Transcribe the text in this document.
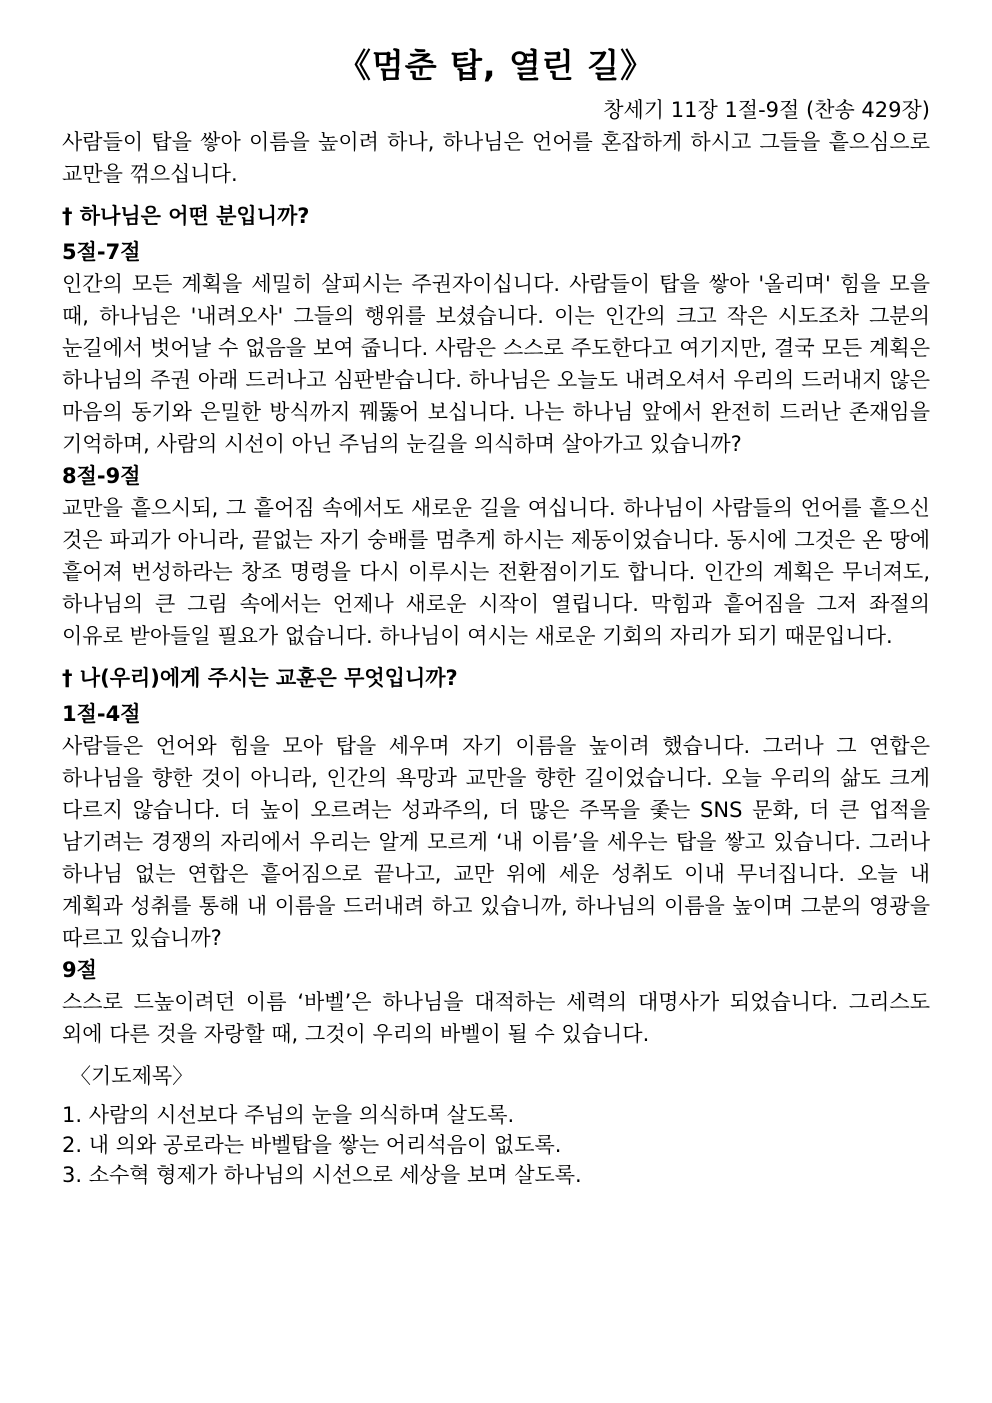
《멈춘 탑, 열린 길》

창세기 11장 1절-9절 (찬송 429장)

사람들이 탑을 쌓아 이름을 높이려 하나, 하나님은 언어를 혼잡하게 하시고 그들을 흩으심으로 교만을 꺾으십니다.

† 하나님은 어떤 분입니까?
5절-7절

인간의 모든 계획을 세밀히 살피시는 주권자이십니다. 사람들이 탑을 쌓아 '올리며' 힘을 모을 때, 하나님은 '내려오사' 그들의 행위를 보셨습니다. 이는 인간의 크고 작은 시도조차 그분의 눈길에서 벗어날 수 없음을 보여 줍니다. 사람은 스스로 주도한다고 여기지만, 결국 모든 계획은 하나님의 주권 아래 드러나고 심판받습니다. 하나님은 오늘도 내려오셔서 우리의 드러내지 않은 마음의 동기와 은밀한 방식까지 꿰뚫어 보십니다. 나는 하나님 앞에서 완전히 드러난 존재임을 기억하며, 사람의 시선이 아닌 주님의 눈길을 의식하며 살아가고 있습니까?

8절-9절

교만을 흩으시되, 그 흩어짐 속에서도 새로운 길을 여십니다. 하나님이 사람들의 언어를 흩으신 것은 파괴가 아니라, 끝없는 자기 숭배를 멈추게 하시는 제동이었습니다. 동시에 그것은 온 땅에 흩어져 번성하라는 창조 명령을 다시 이루시는 전환점이기도 합니다. 인간의 계획은 무너져도, 하나님의 큰 그림 속에서는 언제나 새로운 시작이 열립니다. 막힘과 흩어짐을 그저 좌절의 이유로 받아들일 필요가 없습니다. 하나님이 여시는 새로운 기회의 자리가 되기 때문입니다.

† 나(우리)에게 주시는 교훈은 무엇입니까?
1절-4절

사람들은 언어와 힘을 모아 탑을 세우며 자기 이름을 높이려 했습니다. 그러나 그 연합은 하나님을 향한 것이 아니라, 인간의 욕망과 교만을 향한 길이었습니다. 오늘 우리의 삶도 크게 다르지 않습니다. 더 높이 오르려는 성과주의, 더 많은 주목을 좇는 SNS 문화, 더 큰 업적을 남기려는 경쟁의 자리에서 우리는 알게 모르게 ‘내 이름’을 세우는 탑을 쌓고 있습니다. 그러나 하나님 없는 연합은 흩어짐으로 끝나고, 교만 위에 세운 성취도 이내 무너집니다. 오늘 내 계획과 성취를 통해 내 이름을 드러내려 하고 있습니까, 하나님의 이름을 높이며 그분의 영광을 따르고 있습니까?

9절

스스로 드높이려던 이름 ‘바벨’은 하나님을 대적하는 세력의 대명사가 되었습니다. 그리스도 외에 다른 것을 자랑할 때, 그것이 우리의 바벨이 될 수 있습니다.

〈기도제목〉
1. 사람의 시선보다 주님의 눈을 의식하며 살도록.
2. 내 의와 공로라는 바벨탑을 쌓는 어리석음이 없도록.
3. 소수혁 형제가 하나님의 시선으로 세상을 보며 살도록.
